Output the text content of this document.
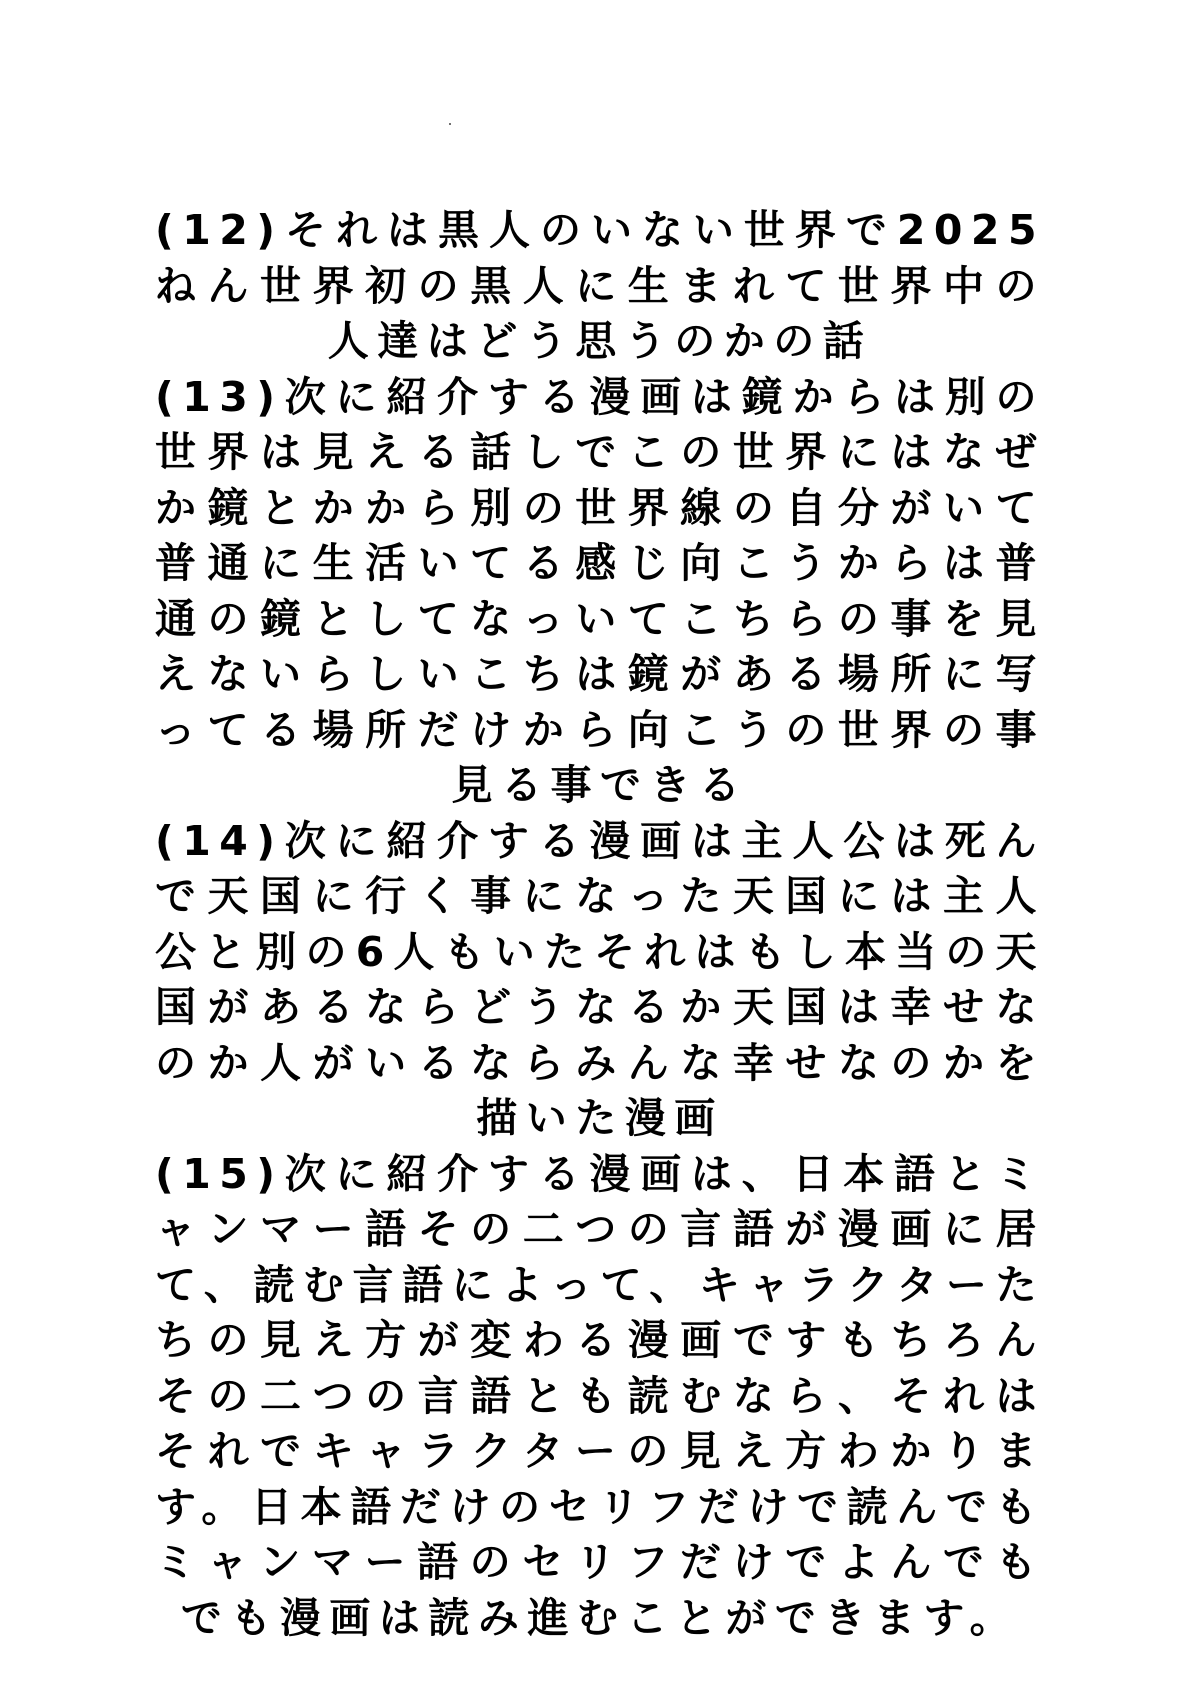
(12)それは黒人のいない世界で2025ねん世界初の黒人に生まれて世界中の人達はどう思うのかの話

(13)次に紹介する漫画は鏡からは別の世界は見える話しでこの世界にはなぜか鏡とかから別の世界線の自分がいて普通に生活いてる感じ向こうからは普通の鏡としてなっいてこちらの事を見えないらしいこちは鏡がある場所に写ってる場所だけから向こうの世界の事見る事できる

(14)次に紹介する漫画は主人公は死んで天国に行く事になった天国には主人公と別の6人もいたそれはもし本当の天国があるならどうなるか天国は幸せなのか人がいるならみんな幸せなのかを描いた漫画

(15)次に紹介する漫画は、日本語とミャンマー語その二つの言語が漫画に居て、読む言語によって、キャラクターたちの見え方が変わる漫画ですもちろんその二つの言語とも読むなら、それはそれでキャラクターの見え方わかります。日本語だけのセリフだけで読んでもミャンマー語のセリフだけでよんでもでも漫画は読み進むことができます。
